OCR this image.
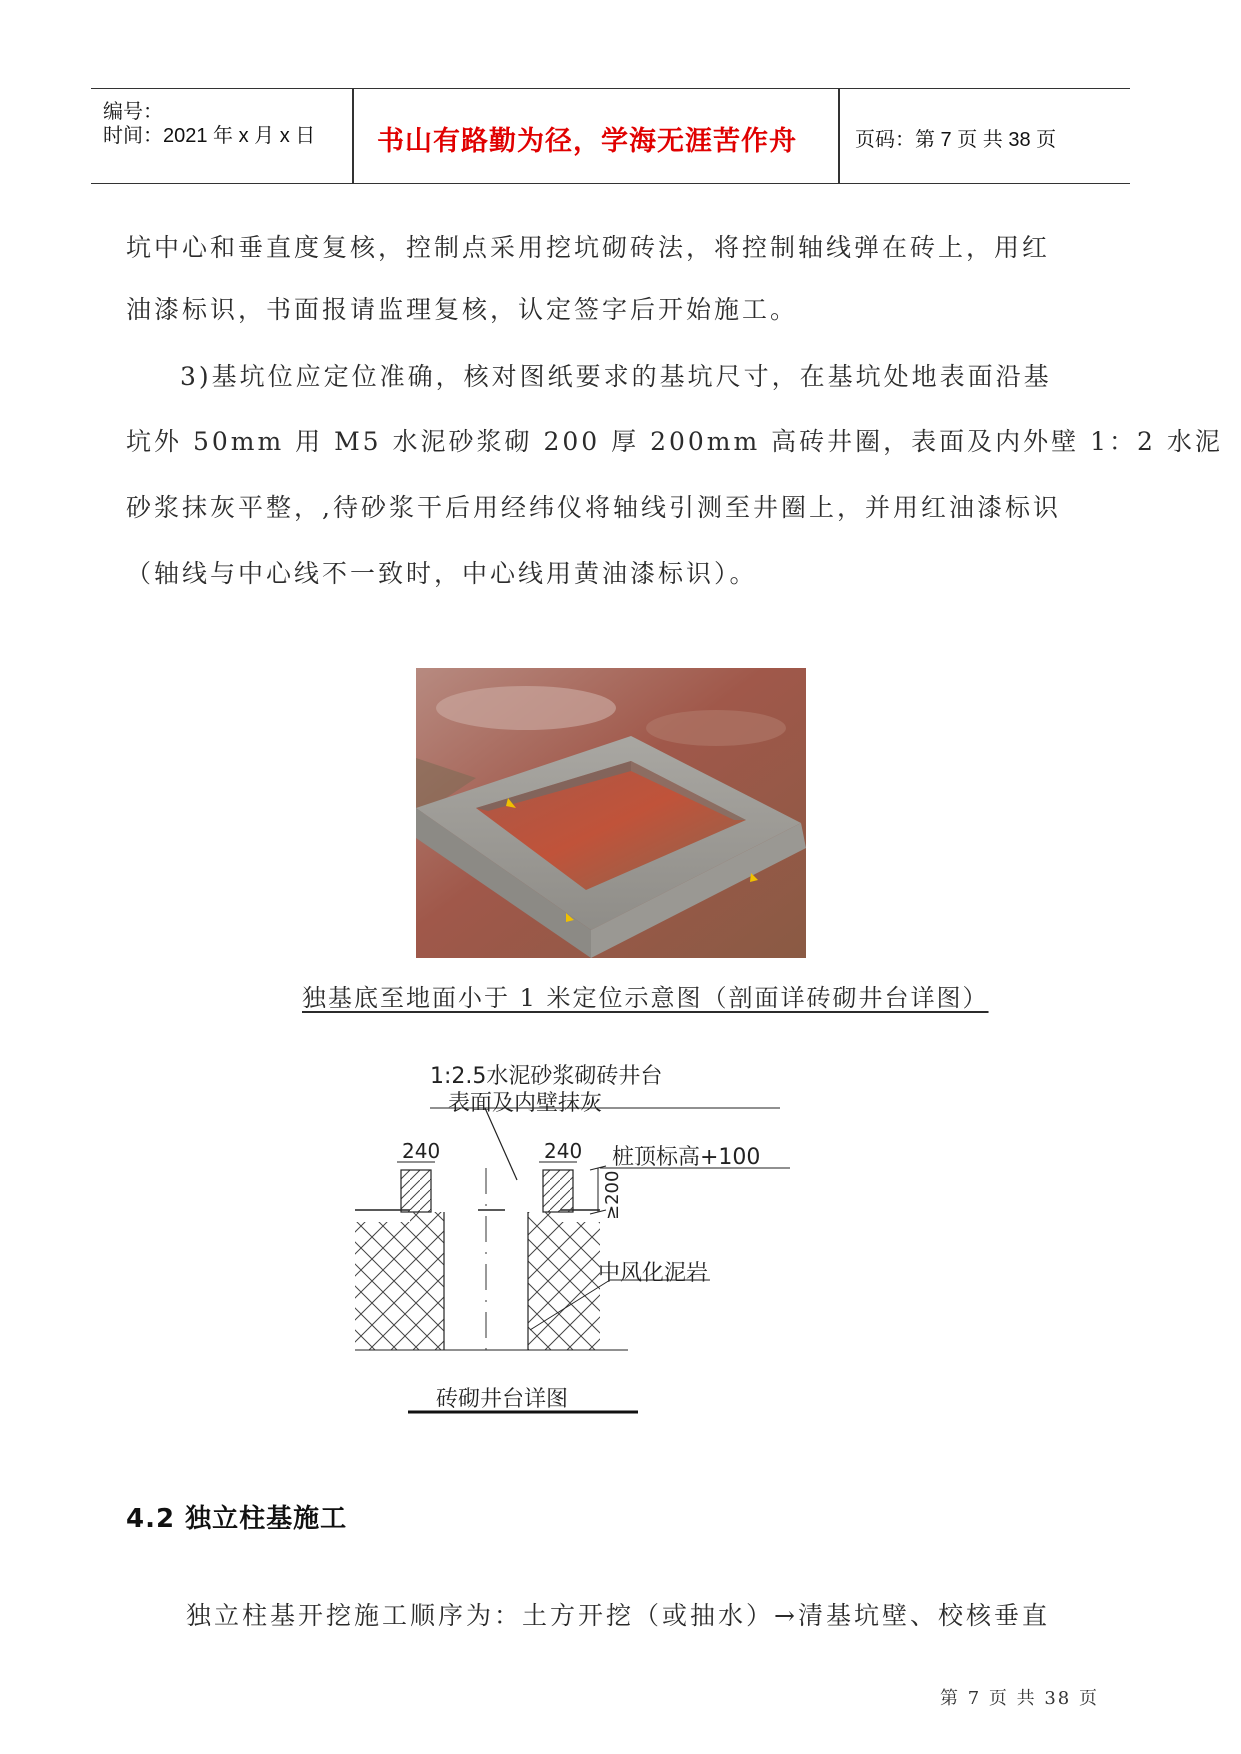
编号：
时间：2021 年 x 月 x 日 书山有路勤为径，学海无涯苦作舟	页码：第 7 页 共 38 页
坑中心和垂直度复核，控制点采用挖坑砌砖法，将控制轴线弹在砖上，用红
油漆标识，书面报请监理复核，认定签字后开始施工。
3)基坑位应定位准确，核对图纸要求的基坑尺寸，在基坑处地表面沿基
坑外 50mm 用 M5 水泥砂浆砌 200 厚 200mm 高砖井圈，表面及内外壁 1：2 水泥
砂浆抹灰平整，,待砂浆干后用经纬仪将轴线引测至井圈上，并用红油漆标识
（轴线与中心线不一致时，中心线用黄油漆标识）。
独基底至地面小于 1 米定位示意图（剖面详砖砌井台详图）
1:2.5水泥砂浆砌砖井台
表面及内壁抹灰
240	240 桩顶标高+100
≥200
中风化泥岩
砖砌井台详图
4.2 独立柱基施工
独立柱基开挖施工顺序为：土方开挖（或抽水）→清基坑壁、校核垂直
第 7 页 共 38 页
